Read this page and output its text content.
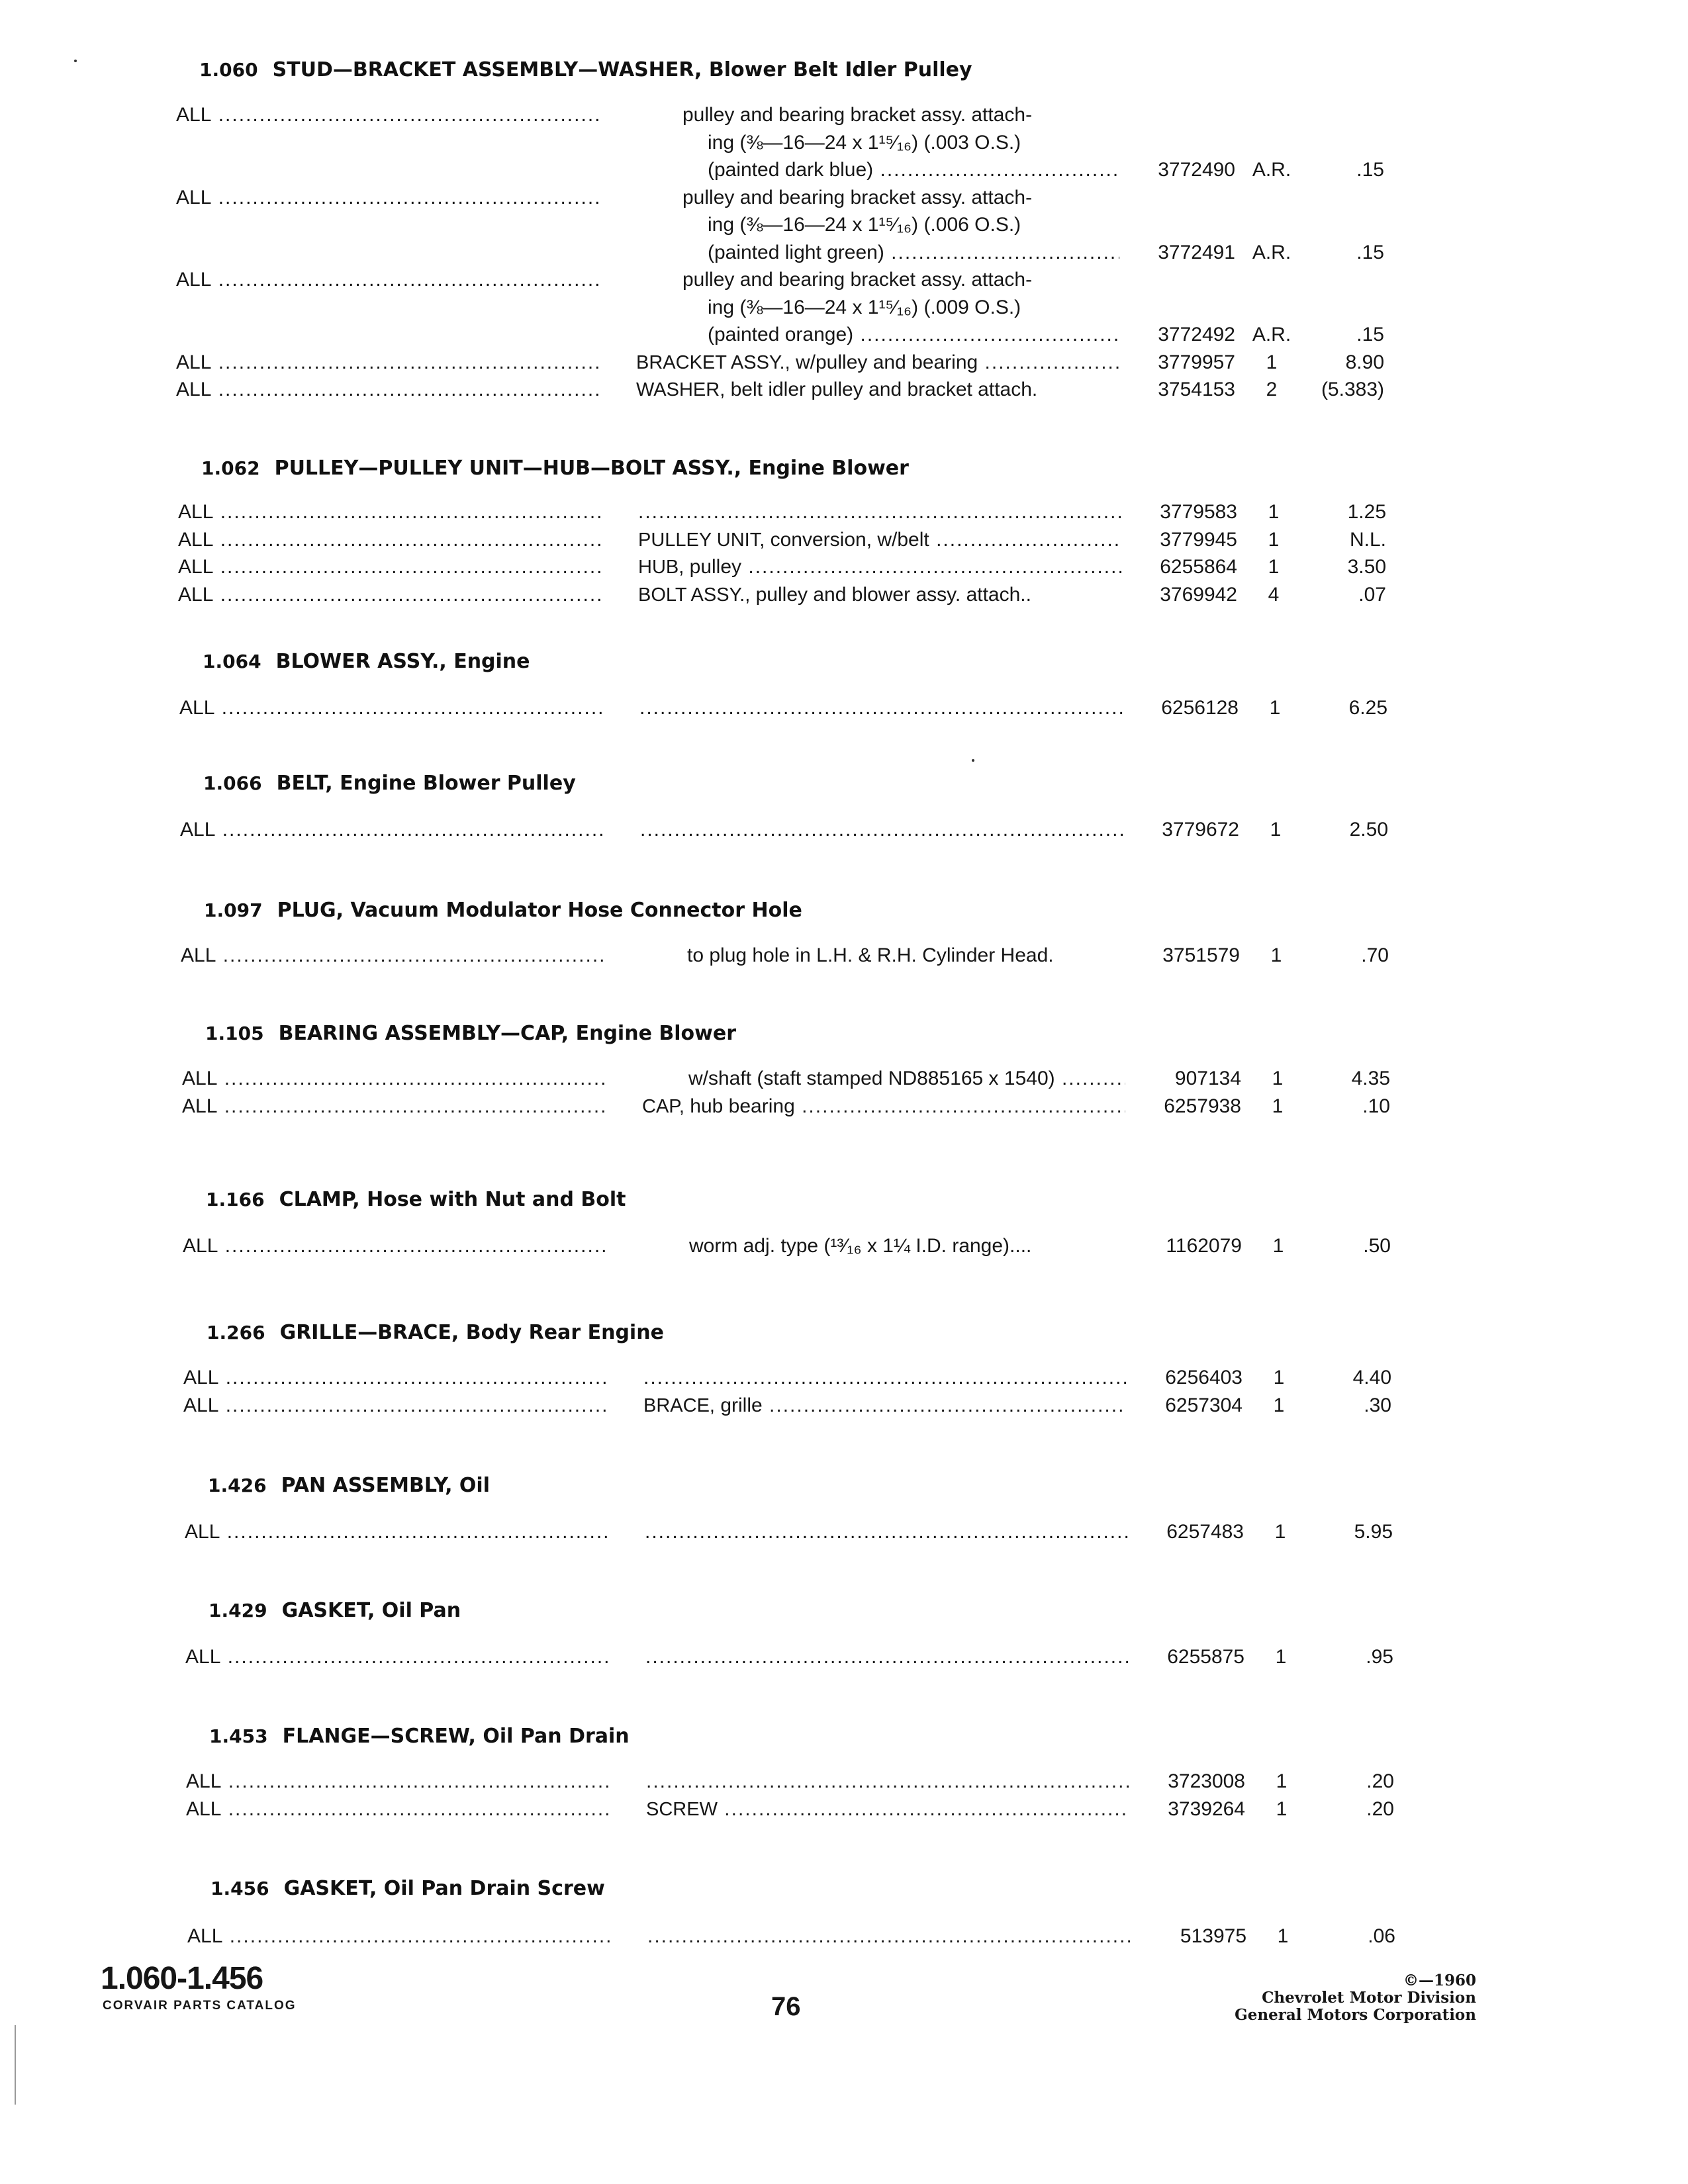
1.060 STUD—BRACKET ASSEMBLY—WASHER, Blower Belt Idler Pulley
ALL .....	pulley and bearing bracket assy. attach-
ing (⅜—16—24 x 1¹⁵⁄₁₆) (.003 O.S.)
(painted dark blue) .....	3772490 A.R.	.15
ALL .....	pulley and bearing bracket assy. attach-
ing (⅜—16—24 x 1¹⁵⁄₁₆) (.006 O.S.)
(painted light green) .....	3772491 A.R.	.15
ALL .....	pulley and bearing bracket assy. attach-
ing (⅜—16—24 x 1¹⁵⁄₁₆) (.009 O.S.)
(painted orange) .....	3772492 A.R.	.15
ALL .....	BRACKET ASSY., w/pulley and bearing .....	3779957	1	8.90
ALL .....	WASHER, belt idler pulley and bracket attach.	3754153	2	(5.383)
1.062 PULLEY—PULLEY UNIT—HUB—BOLT ASSY., Engine Blower
ALL ..... .....	3779583	1	1.25
ALL .....	PULLEY UNIT, conversion, w/belt .....	3779945	1	N.L.
ALL .....	HUB, pulley .....	6255864	1	3.50
ALL .....	BOLT ASSY., pulley and blower assy. attach..	3769942	4	.07
1.064 BLOWER ASSY., Engine
ALL ..... .....	6256128	1	6.25
1.066 BELT, Engine Blower Pulley
ALL ..... .....	3779672	1	2.50
1.097 PLUG, Vacuum Modulator Hose Connector Hole
ALL .....	to plug hole in L.H. & R.H. Cylinder Head.	3751579	1	.70
1.105 BEARING ASSEMBLY—CAP, Engine Blower
ALL .....	w/shaft (staft stamped ND885165 x 1540) .....	907134	1	4.35
ALL .....	CAP, hub bearing .....	6257938	1	.10
1.166 CLAMP, Hose with Nut and Bolt
ALL .....	worm adj. type (¹³⁄₁₆ x 1¼ I.D. range)....	1162079	1	.50
1.266 GRILLE—BRACE, Body Rear Engine
ALL ..... .....	6256403	1	4.40
ALL .....	BRACE, grille .....	6257304	1	.30
1.426 PAN ASSEMBLY, Oil
ALL ..... .....	6257483	1	5.95
1.429 GASKET, Oil Pan
ALL ..... .....	6255875	1	.95
1.453 FLANGE—SCREW, Oil Pan Drain
ALL ..... .....	3723008	1	.20
ALL .....	SCREW .....	3739264	1	.20
1.456 GASKET, Oil Pan Drain Screw
ALL ..... .....	513975	1	.06
1.060-1.456
CORVAIR PARTS CATALOG	76
©—1960
Chevrolet Motor Division
General Motors Corporation
